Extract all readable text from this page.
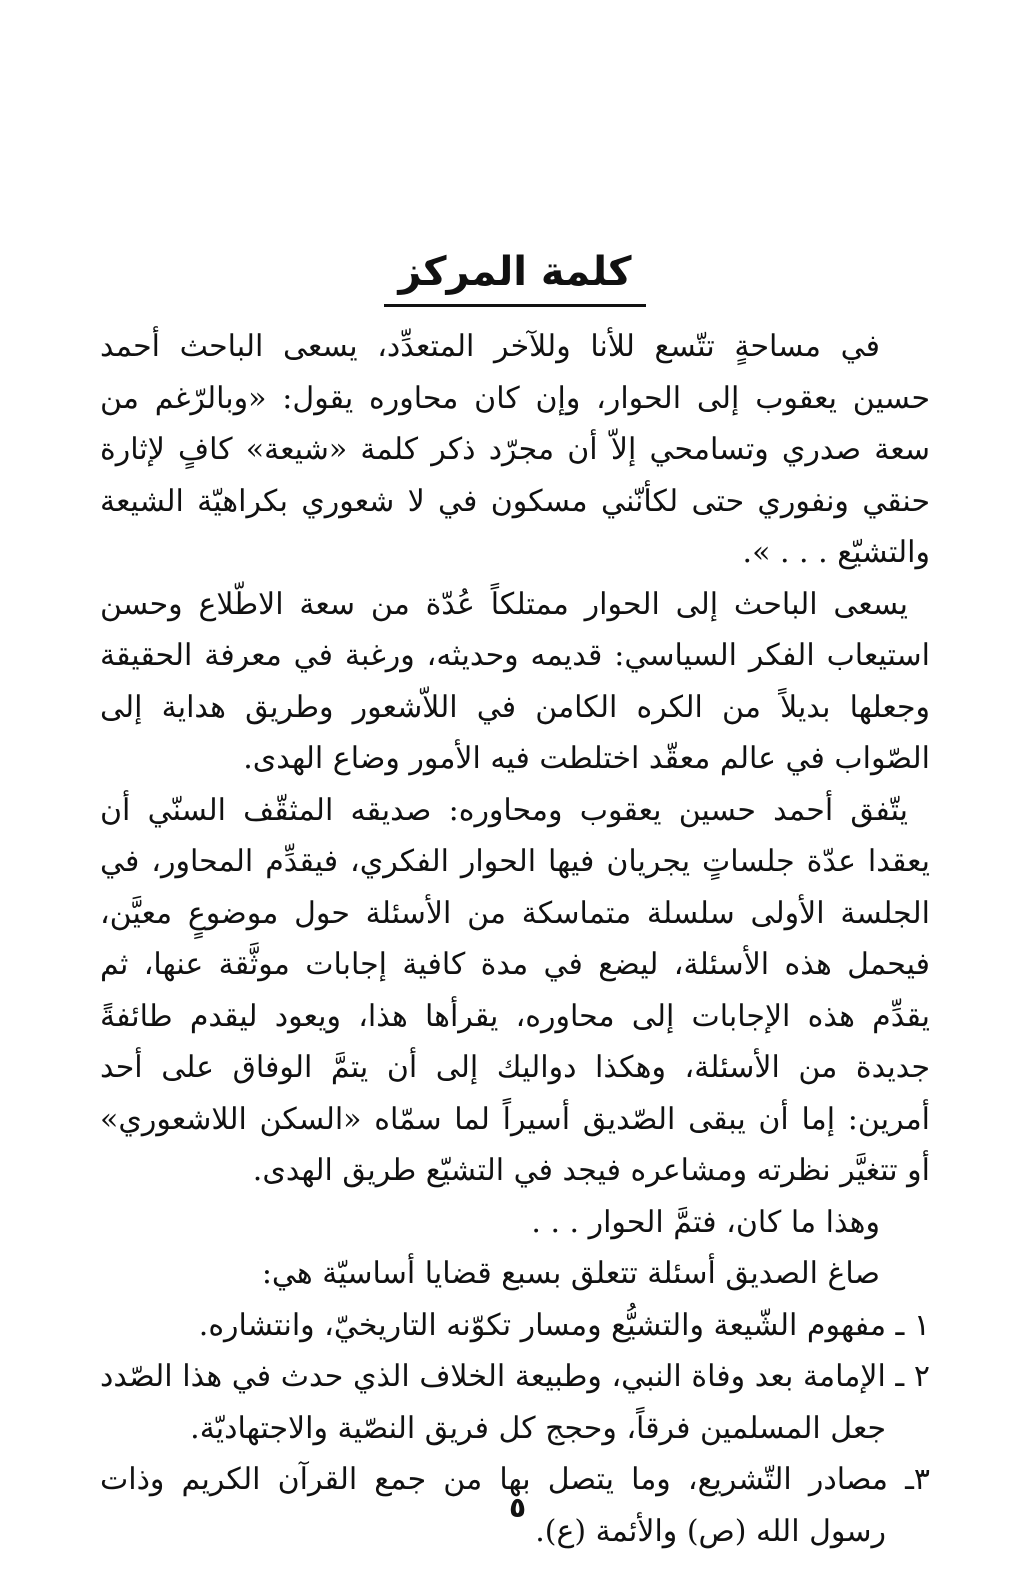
كلمة المركز

في مساحةٍ تتّسع للأنا وللآخر المتعدِّد، يسعى الباحث أحمد حسين يعقوب إلى الحوار، وإن كان محاوره يقول: «وبالرّغم من سعة صدري وتسامحي إلاّ أن مجرّد ذكر كلمة «شيعة» كافٍ لإثارة حنقي ونفوري حتى لكأنّني مسكون في لا شعوري بكراهيّة الشيعة والتشيّع . . . ».

يسعى الباحث إلى الحوار ممتلكاً عُدّة من سعة الاطّلاع وحسن استيعاب الفكر السياسي: قديمه وحديثه، ورغبة في معرفة الحقيقة وجعلها بديلاً من الكره الكامن في اللاّشعور وطريق هداية إلى الصّواب في عالم معقّد اختلطت فيه الأمور وضاع الهدى.

يتّفق أحمد حسين يعقوب ومحاوره: صديقه المثقّف السنّي أن يعقدا عدّة جلساتٍ يجريان فيها الحوار الفكري، فيقدِّم المحاور، في الجلسة الأولى سلسلة متماسكة من الأسئلة حول موضوعٍ معيَّن، فيحمل هذه الأسئلة، ليضع في مدة كافية إجابات موثَّقة عنها، ثم يقدِّم هذه الإجابات إلى محاوره، يقرأها هذا، ويعود ليقدم طائفةً جديدة من الأسئلة، وهكذا دواليك إلى أن يتمَّ الوفاق على أحد أمرين: إما أن يبقى الصّديق أسيراً لما سمّاه «السكن اللاشعوري» أو تتغيَّر نظرته ومشاعره فيجد في التشيّع طريق الهدى.

وهذا ما كان، فتمَّ الحوار . . .

صاغ الصديق أسئلة تتعلق بسبع قضايا أساسيّة هي:

١ ـ مفهوم الشّيعة والتشيُّع ومسار تكوّنه التاريخيّ، وانتشاره.

٢ ـ الإمامة بعد وفاة النبي، وطبيعة الخلاف الذي حدث في هذا الصّدد جعل المسلمين فرقاً، وحجج كل فريق النصّية والاجتهاديّة.

٣ـ مصادر التّشريع، وما يتصل بها من جمع القرآن الكريم وذات رسول الله (ص) والأئمة (ع).

٥
